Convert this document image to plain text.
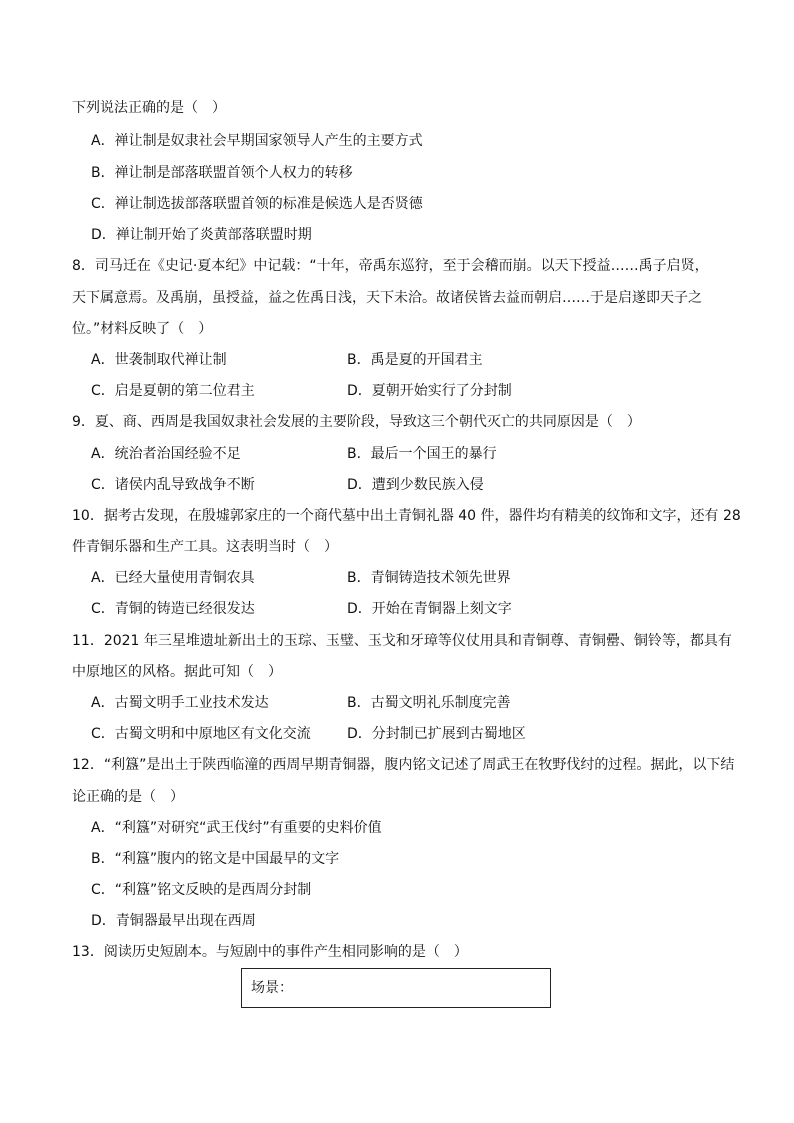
下列说法正确的是（　）
A．禅让制是奴隶社会早期国家领导人产生的主要方式
B．禅让制是部落联盟首领个人权力的转移
C．禅让制选拔部落联盟首领的标准是候选人是否贤德
D．禅让制开始了炎黄部落联盟时期
8．司马迁在《史记·夏本纪》中记载：“十年，帝禹东巡狩，至于会稽而崩。以天下授益……禹子启贤，
天下属意焉。及禹崩，虽授益，益之佐禹日浅，天下未洽。故诸侯皆去益而朝启……于是启遂即天子之
位。”材料反映了（　）
A．世袭制取代禅让制	B．禹是夏的开国君主
C．启是夏朝的第二位君主	D．夏朝开始实行了分封制
9．夏、商、西周是我国奴隶社会发展的主要阶段，导致这三个朝代灭亡的共同原因是（　）
A．统治者治国经验不足	B．最后一个国王的暴行
C．诸侯内乱导致战争不断	D．遭到少数民族入侵
10．据考古发现，在殷墟郭家庄的一个商代墓中出土青铜礼器 40 件，器件均有精美的纹饰和文字，还有 28
件青铜乐器和生产工具。这表明当时（　）
A．已经大量使用青铜农具	B．青铜铸造技术领先世界
C．青铜的铸造已经很发达	D．开始在青铜器上刻文字
11．2021 年三星堆遗址新出土的玉琮、玉璧、玉戈和牙璋等仪仗用具和青铜尊、青铜罍、铜铃等，都具有
中原地区的风格。据此可知（　）
A．古蜀文明手工业技术发达	B．古蜀文明礼乐制度完善
C．古蜀文明和中原地区有文化交流	D．分封制已扩展到古蜀地区
12．“利簋”是出土于陕西临潼的西周早期青铜器，腹内铭文记述了周武王在牧野伐纣的过程。据此，以下结
论正确的是（　）
A．“利簋”对研究“武王伐纣”有重要的史料价值
B．“利簋”腹内的铭文是中国最早的文字
C．“利簋”铭文反映的是西周分封制
D．青铜器最早出现在西周
13．阅读历史短剧本。与短剧中的事件产生相同影响的是（　）
场景：
